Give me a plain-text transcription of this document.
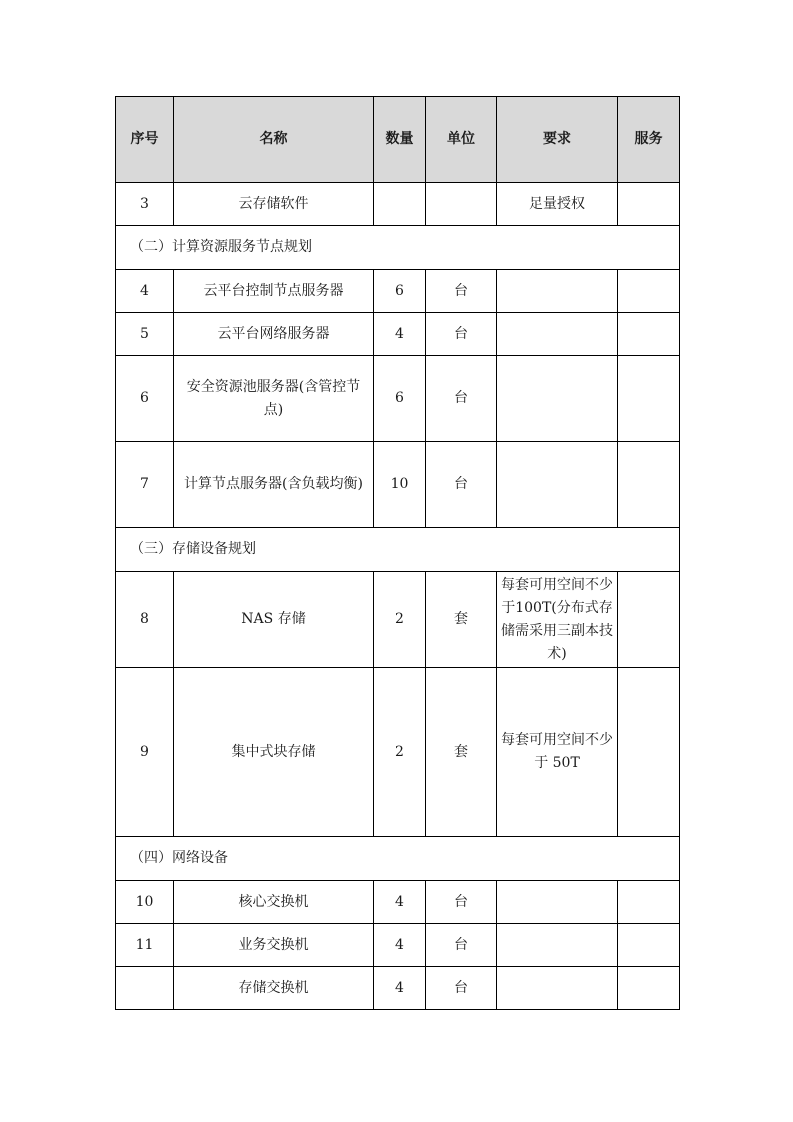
序号	名称	数量	单位	要求	服务
3	云存储软件			足量授权	
（二）计算资源服务节点规划					
4	云平台控制节点服务器	6	台		
5	云平台网络服务器	4	台		
6	安全资源池服务器(含管控节点)	6	台		
7	计算节点服务器(含负载均衡)	10	台		
（三）存储设备规划					
8	NAS 存储	2	套	每套可用空间不少于100T(分布式存储需采用三副本技术)	
9	集中式块存储	2	套	每套可用空间不少于 50T	
（四）网络设备					
10	核心交换机	4	台		
11	业务交换机	4	台		
	存储交换机	4	台		
